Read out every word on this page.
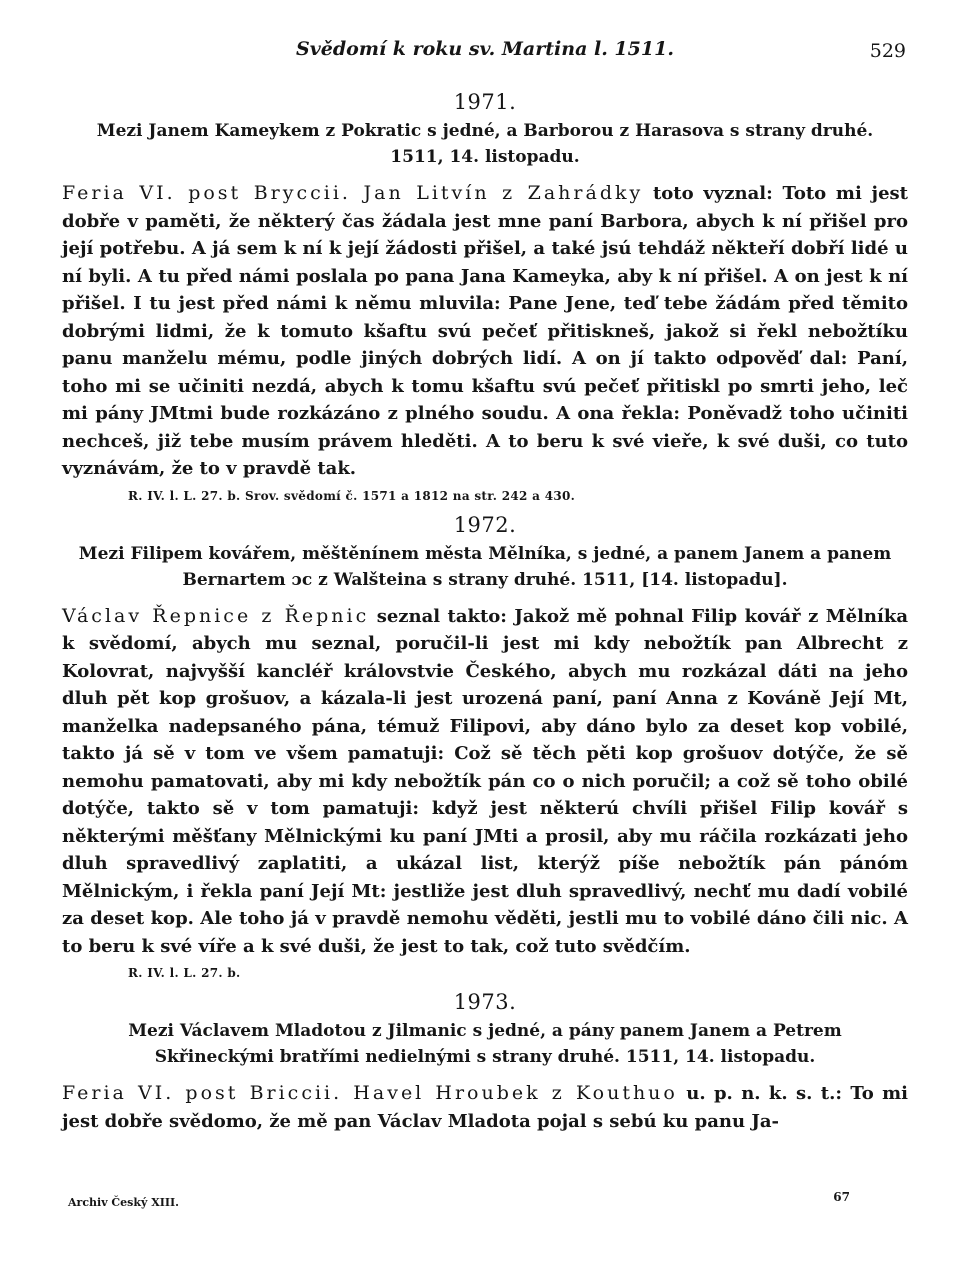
Svědomí k roku sv. Martina l. 1511.	529
1971.
Mezi Janem Kameykem z Pokratic s jedné, a Barborou z Harasova s strany druhé. 1511, 14. listopadu.

Feria VI. post Bryccii. Jan Litvín z Zahrádky toto vyznal: Toto mi jest dobře v paměti, že některý čas žádala jest mne paní Barbora, abych k ní přišel pro její potřebu. A já sem k ní k její žádosti přišel, a také jsú tehdáž někteří dobří lidé u ní byli. A tu před námi poslala po pana Jana Kameyka, aby k ní přišel. A on jest k ní přišel. I tu jest před námi k němu mluvila: Pane Jene, teď tebe žádám před těmito dobrými lidmi, že k tomuto kšaftu svú pečeť přitiskneš, jakož si řekl nebožtíku panu manželu mému, podle jiných dobrých lidí. A on jí takto odpověď dal: Paní, toho mi se učiniti nezdá, abych k tomu kšaftu svú pečeť přitiskl po smrti jeho, leč mi pány JMtmi bude rozkázáno z plného soudu. A ona řekla: Poněvadž toho učiniti nechceš, již tebe musím právem hleděti. A to beru k své vieře, k své duši, co tuto vyznávám, že to v pravdě tak.

R. IV. l. L. 27. b. Srov. svědomí č. 1571 a 1812 na str. 242 a 430.
1972.
Mezi Filipem kovářem, měštěnínem města Mělníka, s jedné, a panem Janem a panem Bernartem ɔc z Walšteina s strany druhé. 1511, [14. listopadu].

Václav Řepnice z Řepnic seznal takto: Jakož mě pohnal Filip kovář z Mělníka k svědomí, abych mu seznal, poručil-li jest mi kdy nebožtík pan Albrecht z Kolovrat, najvyšší kancléř královstvie Českého, abych mu rozkázal dáti na jeho dluh pět kop grošuov, a kázala-li jest urozená paní, paní Anna z Kováně Její Mt, manželka nadepsaného pána, témuž Filipovi, aby dáno bylo za deset kop vobilé, takto já sě v tom ve všem pamatuji: Což sě těch pěti kop grošuov dotýče, že sě nemohu pamatovati, aby mi kdy nebožtík pán co o nich poručil; a což sě toho obilé dotýče, takto sě v tom pamatuji: když jest některú chvíli přišel Filip kovář s některými měšťany Mělnickými ku paní JMti a prosil, aby mu ráčila rozkázati jeho dluh spravedlivý zaplatiti, a ukázal list, kterýž píše nebožtík pán pánóm Mělnickým, i řekla paní Její Mt: jestliže jest dluh spravedlivý, nechť mu dadí vobilé za deset kop. Ale toho já v pravdě nemohu věděti, jestli mu to vobilé dáno čili nic. A to beru k své víře a k své duši, že jest to tak, což tuto svědčím.

R. IV. l. L. 27. b.
1973.
Mezi Václavem Mladotou z Jilmanic s jedné, a pány panem Janem a Petrem Skřineckými bratřími nedielnými s strany druhé. 1511, 14. listopadu.

Feria VI. post Briccii. Havel Hroubek z Kouthuo u. p. n. k. s. t.: To mi jest dobře svědomo, že mě pan Václav Mladota pojal s sebú ku panu Ja-

Archiv Český XIII.	67
